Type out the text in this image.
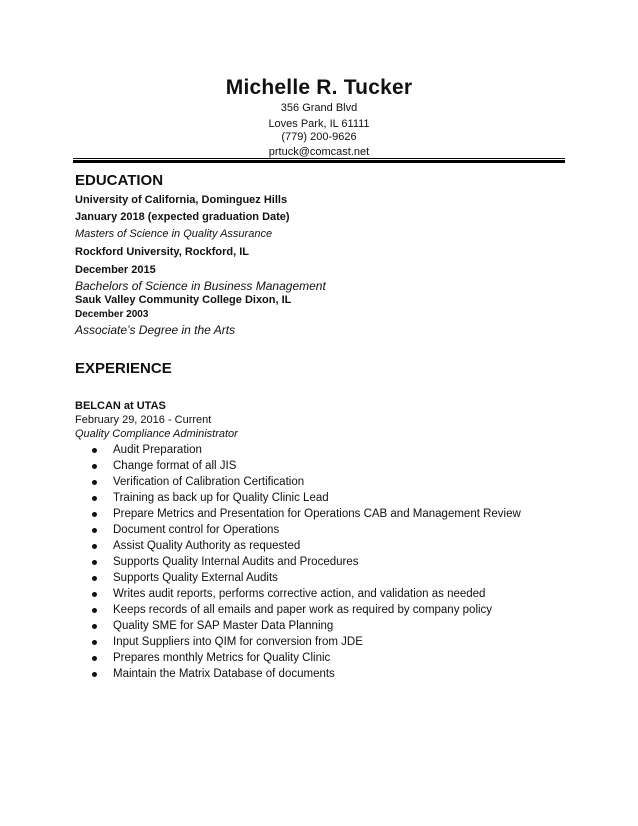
Michelle R. Tucker
356 Grand Blvd
Loves Park, IL 61111
(779) 200-9626
prtuck@comcast.net
EDUCATION
University of California, Dominguez Hills
January 2018 (expected graduation Date)
Masters of Science in Quality Assurance
Rockford University, Rockford, IL
December 2015
Bachelors of Science in Business Management
Sauk Valley Community College Dixon, IL
December 2003
Associate’s Degree in the Arts
EXPERIENCE
BELCAN at UTAS
February 29, 2016 - Current
Quality Compliance Administrator
Audit Preparation
Change format of all JIS
Verification of Calibration Certification
Training as back up for Quality Clinic Lead
Prepare Metrics and Presentation for Operations CAB and Management Review
Document control for Operations
Assist Quality Authority as requested
Supports Quality Internal Audits and Procedures
Supports Quality External Audits
Writes audit reports, performs corrective action, and validation as needed
Keeps records of all emails and paper work as required by company policy
Quality SME for SAP Master Data Planning
Input Suppliers into QIM for conversion from JDE
Prepares monthly Metrics for Quality Clinic
Maintain the Matrix Database of documents
